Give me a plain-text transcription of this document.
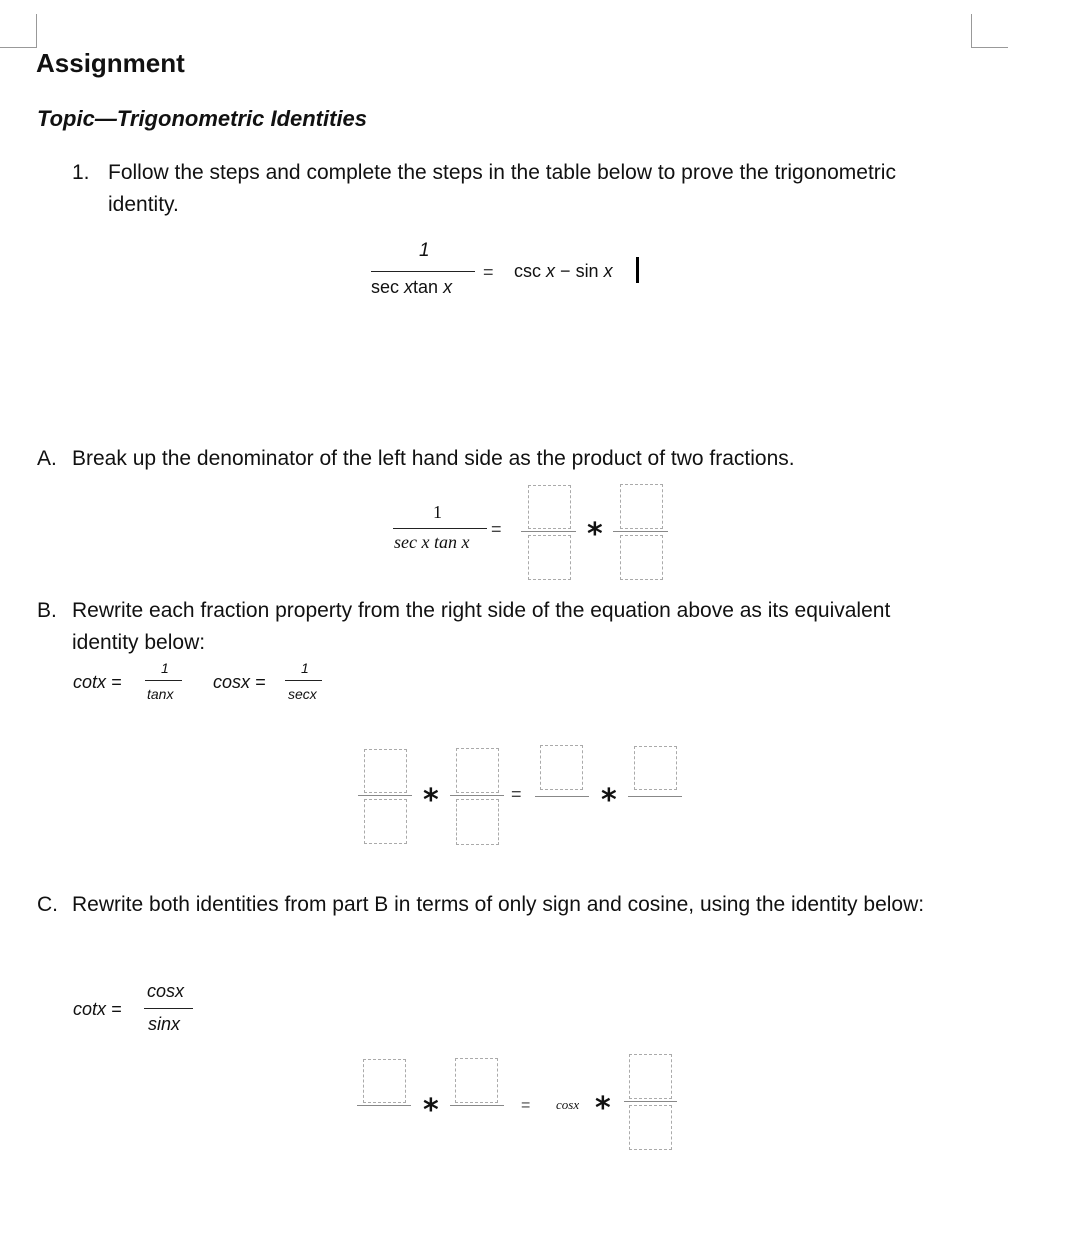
Assignment
Topic—Trigonometric Identities
1. Follow the steps and complete the steps in the table below to prove the trigonometric identity.
1
sec xtan x
= csc x − sin x
A. Break up the denominator of the left hand side as the product of two fractions.
1
sec x tan x
=	*
B. Rewrite each fraction property from the right side of the equation above as its equivalent identity below:
cotx =
1
tanx
cosx =
1
secx
*	=	*
C. Rewrite both identities from part B in terms of only sign and cosine, using the identity below:
cotx =
cosx
sinx
*	= cosx *
